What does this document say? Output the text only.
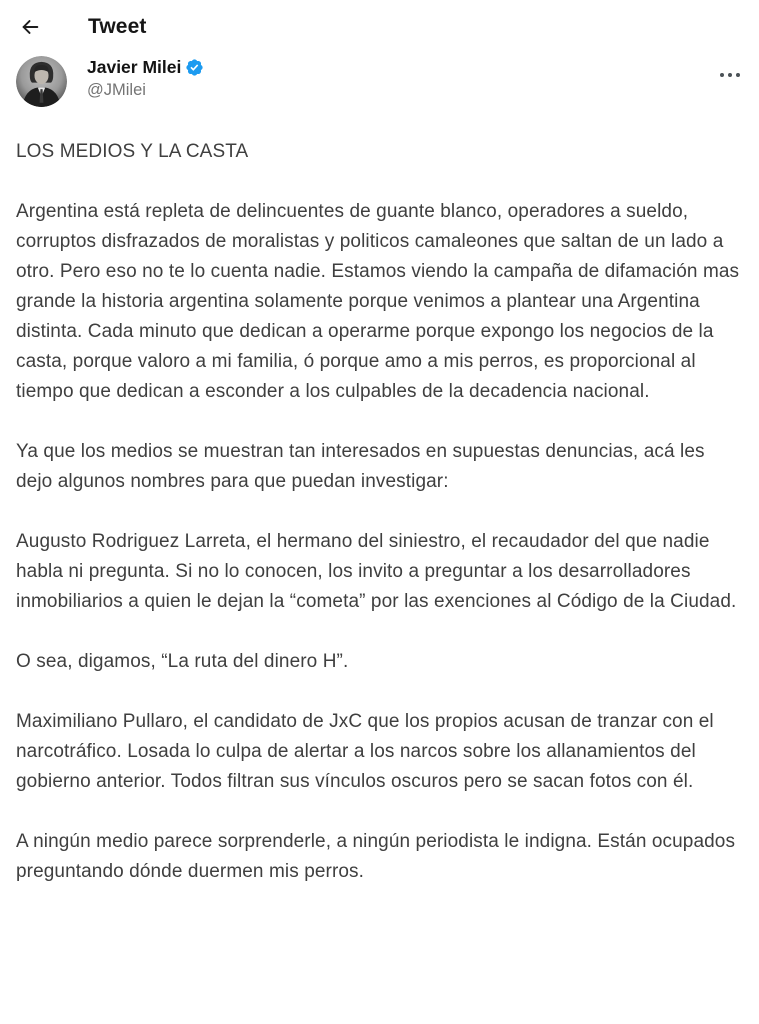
Tweet
Javier Milei
@JMilei

LOS MEDIOS Y LA CASTA

Argentina está repleta de delincuentes de guante blanco, operadores a sueldo, corruptos disfrazados de moralistas y politicos camaleones que saltan de un lado a otro. Pero eso no te lo cuenta nadie. Estamos viendo la campaña de difamación mas grande la historia argentina solamente porque venimos a plantear una Argentina distinta. Cada minuto que dedican a operarme porque expongo los negocios de la casta, porque valoro a mi familia, ó porque amo a mis perros, es proporcional al tiempo que dedican a esconder a los culpables de la decadencia nacional.

Ya que los medios se muestran tan interesados en supuestas denuncias, acá les dejo algunos nombres para que puedan investigar:

Augusto Rodriguez Larreta, el hermano del siniestro, el recaudador del que nadie habla ni pregunta. Si no lo conocen, los invito a preguntar a los desarrolladores inmobiliarios a quien le dejan la “cometa” por las exenciones al Código de la Ciudad.

O sea, digamos, “La ruta del dinero H”.

Maximiliano Pullaro, el candidato de JxC que los propios acusan de tranzar con el narcotráfico. Losada lo culpa de alertar a los narcos sobre los allanamientos del gobierno anterior. Todos filtran sus vínculos oscuros pero se sacan fotos con él.

A ningún medio parece sorprenderle, a ningún periodista le indigna. Están ocupados preguntando dónde duermen mis perros.
